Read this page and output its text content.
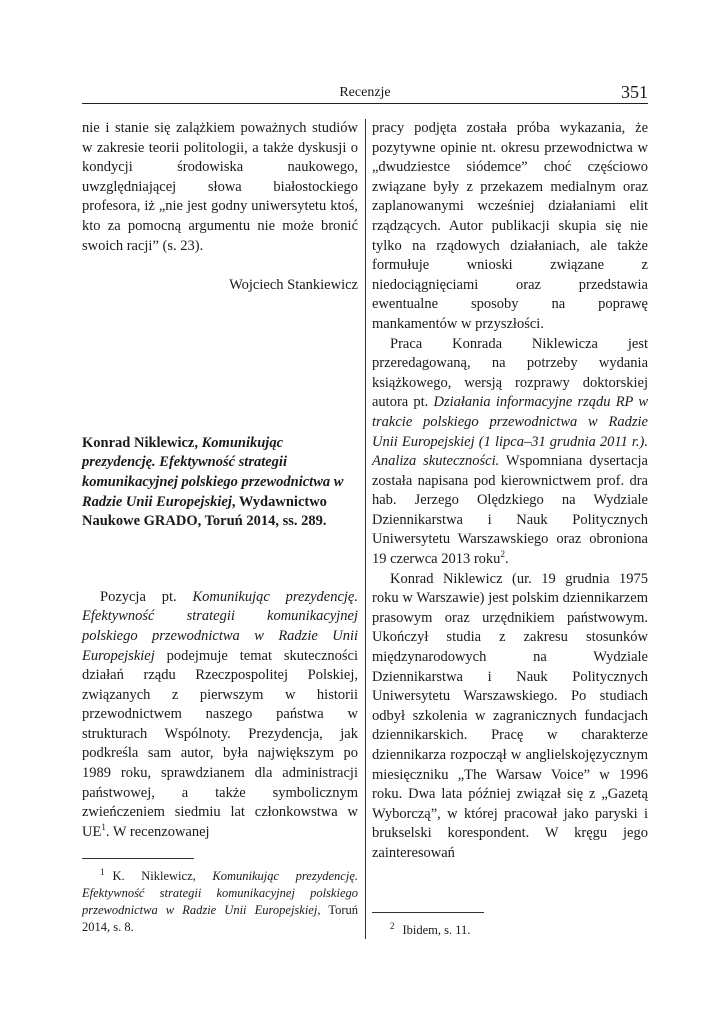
Recenzje	351

nie i stanie się zalążkiem poważnych studiów w zakresie teorii politologii, a także dyskusji o kondycji środowiska naukowego, uwzględniającej słowa białostockiego profesora, iż „nie jest godny uniwersytetu ktoś, kto za pomocną argumentu nie może bronić swoich racji” (s. 23).

Wojciech Stankiewicz

Konrad Niklewicz, Komunikując prezydencję. Efektywność strategii komunikacyjnej polskiego przewodnictwa w Radzie Unii Europejskiej, Wydawnictwo Naukowe GRADO, Toruń 2014, ss. 289.

Pozycja pt. Komunikując prezydencję. Efektywność strategii komunikacyjnej polskiego przewodnictwa w Radzie Unii Europejskiej podejmuje temat skuteczności działań rządu Rzeczpospolitej Polskiej, związanych z pierwszym w historii przewodnictwem naszego państwa w strukturach Wspólnoty. Prezydencja, jak podkreśla sam autor, była największym po 1989 roku, sprawdzianem dla administracji państwowej, a także symbolicznym zwieńczeniem siedmiu lat członkowstwa w $UE^1$. W recenzowanej

pracy podjęta została próba wykazania, że pozytywne opinie nt. okresu przewodnictwa w „dwudziestce siódemce” choć częściowo związane były z przekazem medialnym oraz zaplanowanymi wcześniej działaniami elit rządzących. Autor publikacji skupia się nie tylko na rządowych działaniach, ale także formułuje wnioski związane z niedociągnięciami oraz przedstawia ewentualne sposoby na poprawę mankamentów w przyszłości.

Praca Konrada Niklewicza jest przeredagowaną, na potrzeby wydania książkowego, wersją rozprawy doktorskiej autora pt. Działania informacyjne rządu RP w trakcie polskiego przewodnictwa w Radzie Unii Europejskiej (1 lipca–31 grudnia 2011 r.). Analiza skuteczności. Wspomniana dysertacja została napisana pod kierownictwem prof. dra hab. Jerzego Olędzkiego na Wydziale Dziennikarstwa i Nauk Politycznych Uniwersytetu Warszawskiego oraz obroniona 19 czerwca 2013 roku$^2$.

Konrad Niklewicz (ur. 19 grudnia 1975 roku w Warszawie) jest polskim dziennikarzem prasowym oraz urzędnikiem państwowym. Ukończył studia z zakresu stosunków międzynarodowych na Wydziale Dziennikarstwa i Nauk Politycznych Uniwersytetu Warszawskiego. Po studiach odbył szkolenia w zagranicznych fundacjach dziennikarskich. Pracę w charakterze dziennikarza rozpoczął w anglielskojęzycznym miesięczniku „The Warsaw Voice” w 1996 roku. Dwa lata później związał się z „Gazetą Wyborczą”, w której pracował jako paryski i brukselski korespondent. W kręgu jego zainteresowań

$^1$ K. Niklewicz, Komunikując prezydencję. Efektywność strategii komunikacyjnej polskiego przewodnictwa w Radzie Unii Europejskiej, Toruń 2014, s. 8.	$^2$ Ibidem, s. 11.
